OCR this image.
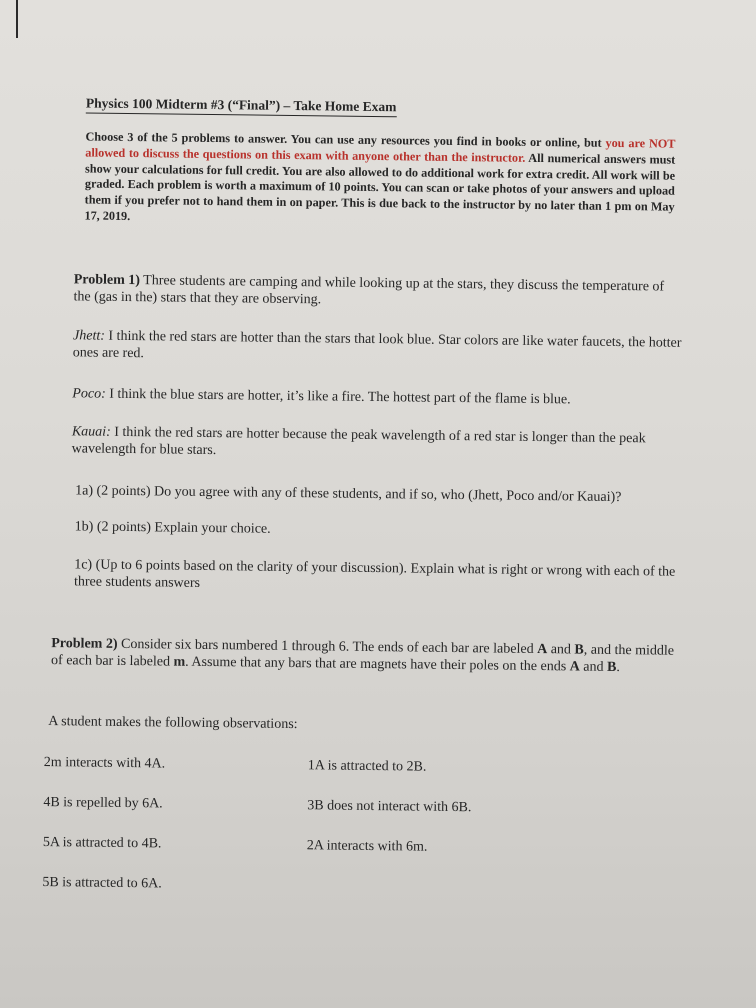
Physics 100 Midterm #3 (“Final”) – Take Home Exam
Choose 3 of the 5 problems to answer. You can use any resources you find in books or online, but you are NOT allowed to discuss the questions on this exam with anyone other than the instructor. All numerical answers must show your calculations for full credit. You are also allowed to do additional work for extra credit. All work will be graded. Each problem is worth a maximum of 10 points. You can scan or take photos of your answers and upload them if you prefer not to hand them in on paper. This is due back to the instructor by no later than 1 pm on May 17, 2019.
Problem 1) Three students are camping and while looking up at the stars, they discuss the temperature of the (gas in the) stars that they are observing.
Jhett: I think the red stars are hotter than the stars that look blue. Star colors are like water faucets, the hotter ones are red.
Poco: I think the blue stars are hotter, it’s like a fire. The hottest part of the flame is blue.
Kauai: I think the red stars are hotter because the peak wavelength of a red star is longer than the peak wavelength for blue stars.
1a) (2 points) Do you agree with any of these students, and if so, who (Jhett, Poco and/or Kauai)?
1b) (2 points) Explain your choice.
1c) (Up to 6 points based on the clarity of your discussion). Explain what is right or wrong with each of the three students answers
Problem 2) Consider six bars numbered 1 through 6. The ends of each bar are labeled A and B, and the middle of each bar is labeled m. Assume that any bars that are magnets have their poles on the ends A and B.
A student makes the following observations:
2m interacts with 4A.	1A is attracted to 2B.
4B is repelled by 6A.	3B does not interact with 6B.
5A is attracted to 4B.	2A interacts with 6m.
5B is attracted to 6A.
